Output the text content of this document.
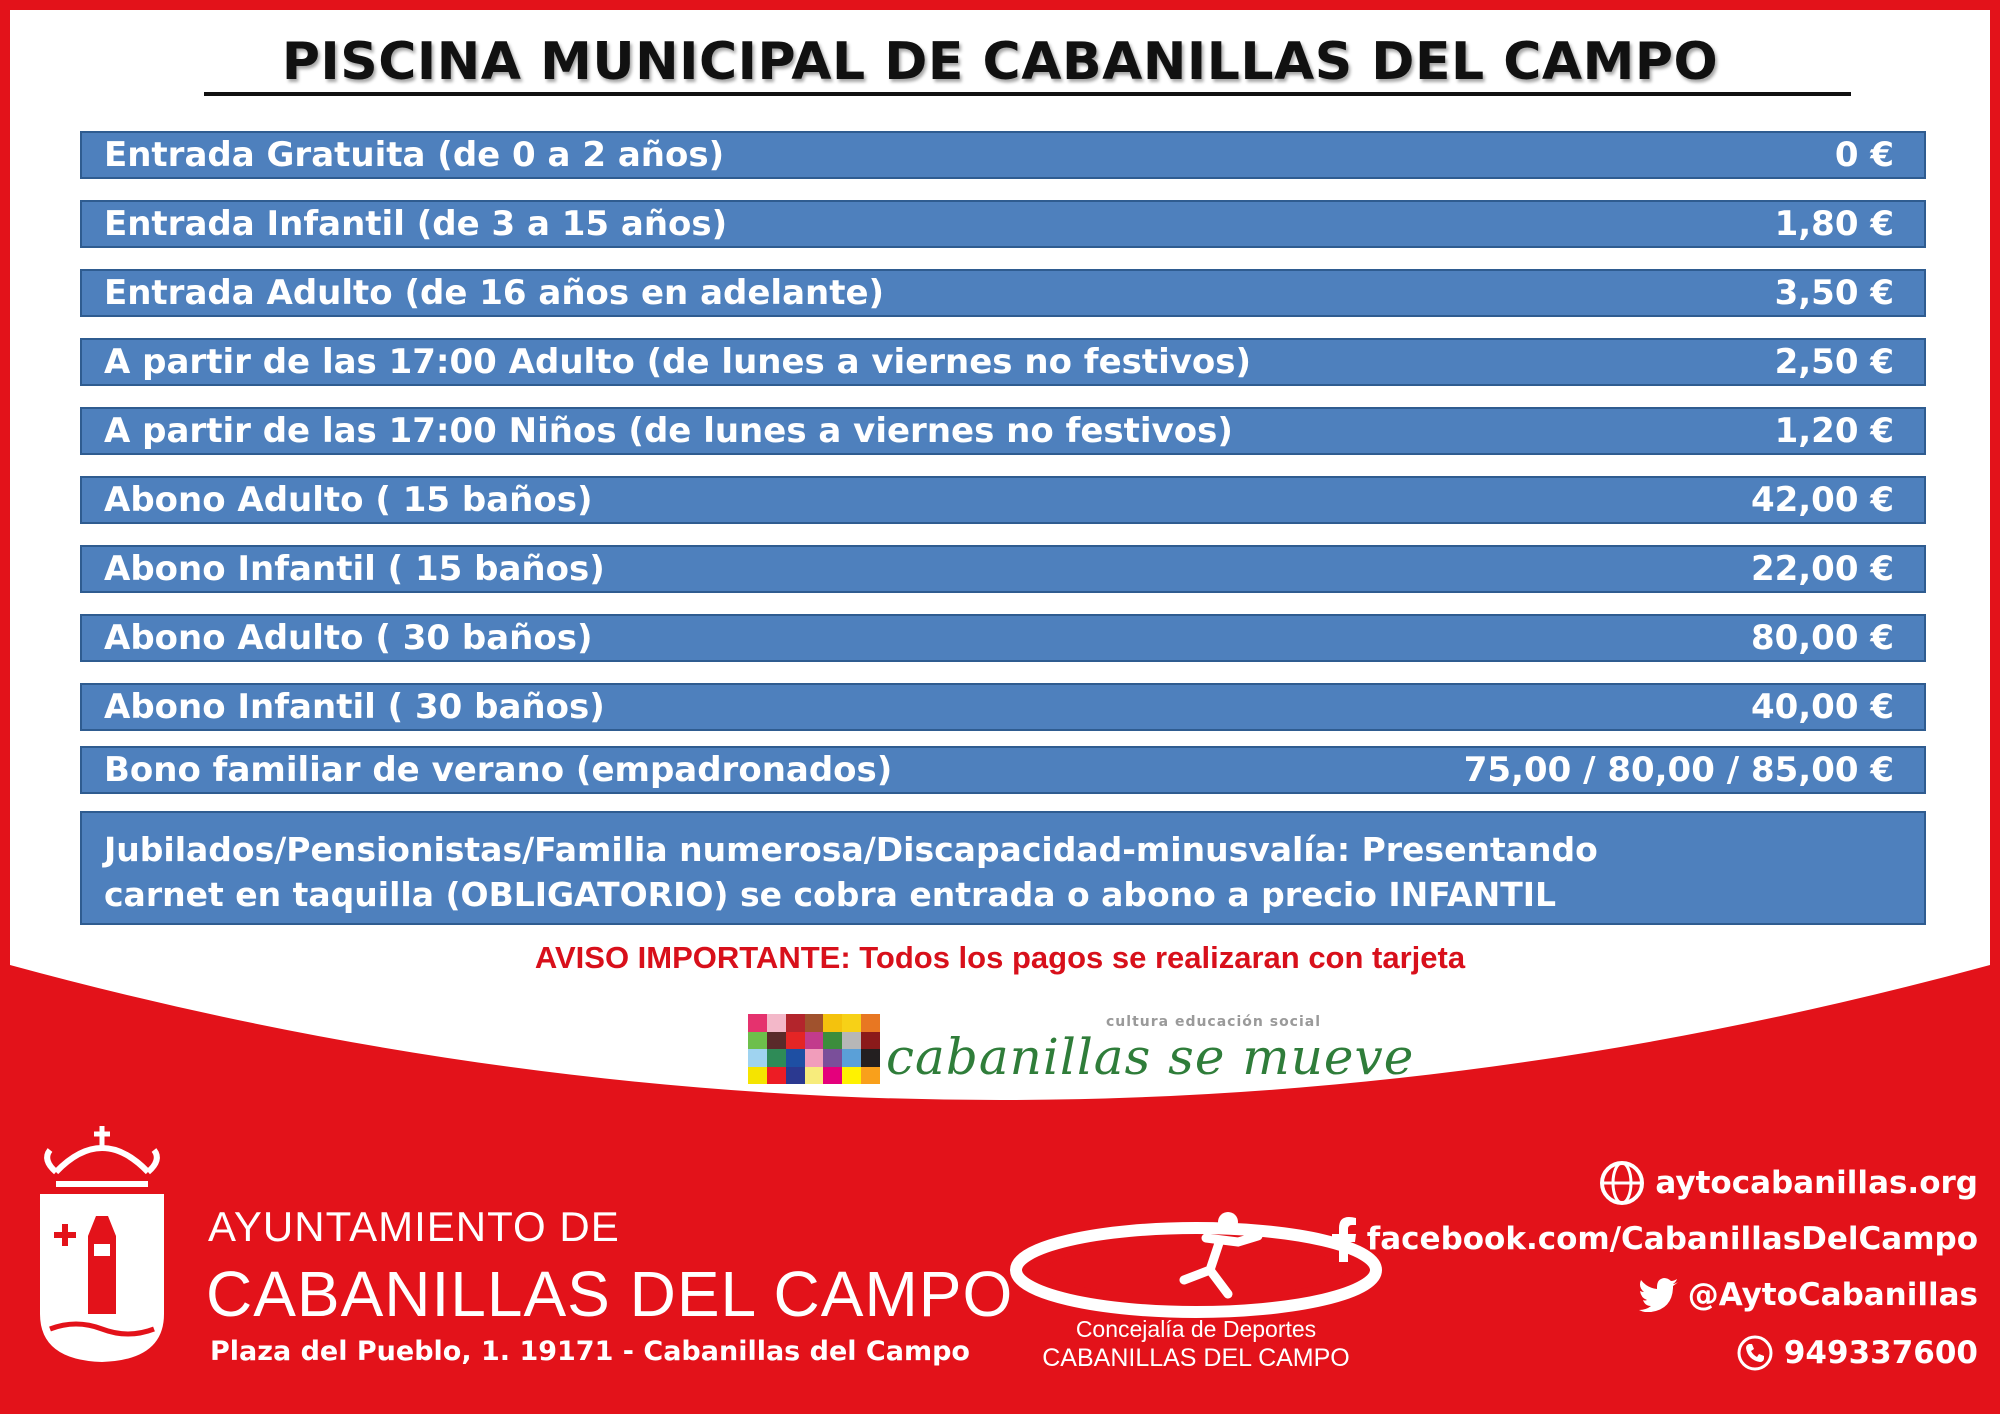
PISCINA MUNICIPAL DE CABANILLAS DEL CAMPO
Entrada Gratuita (de 0 a 2 años)	0 €
Entrada Infantil (de 3 a 15 años)	1,80 €
Entrada Adulto (de 16 años en adelante)	3,50 €
A partir de las 17:00 Adulto (de lunes a viernes no festivos)	2,50 €
A partir de las 17:00 Niños (de lunes a viernes no festivos)	1,20 €
Abono Adulto ( 15 baños)	42,00 €
Abono Infantil ( 15 baños)	22,00 €
Abono Adulto ( 30 baños)	80,00 €
Abono Infantil ( 30 baños)	40,00 €
Bono familiar de verano (empadronados)	75,00 / 80,00 / 85,00 €
Jubilados/Pensionistas/Familia numerosa/Discapacidad-minusvalía: Presentando
carnet en taquilla (OBLIGATORIO) se cobra entrada o abono a precio INFANTIL
AVISO IMPORTANTE: Todos los pagos se realizaran con tarjeta
cultura educación social
cabanillas se mueve
AYUNTAMIENTO DE
CABANILLAS DEL CAMPO
Plaza del Pueblo, 1. 19171 - Cabanillas del Campo
Concejalía de Deportes
CABANILLAS DEL CAMPO
aytocabanillas.org
facebook.com/CabanillasDelCampo
@AytoCabanillas
949337600
